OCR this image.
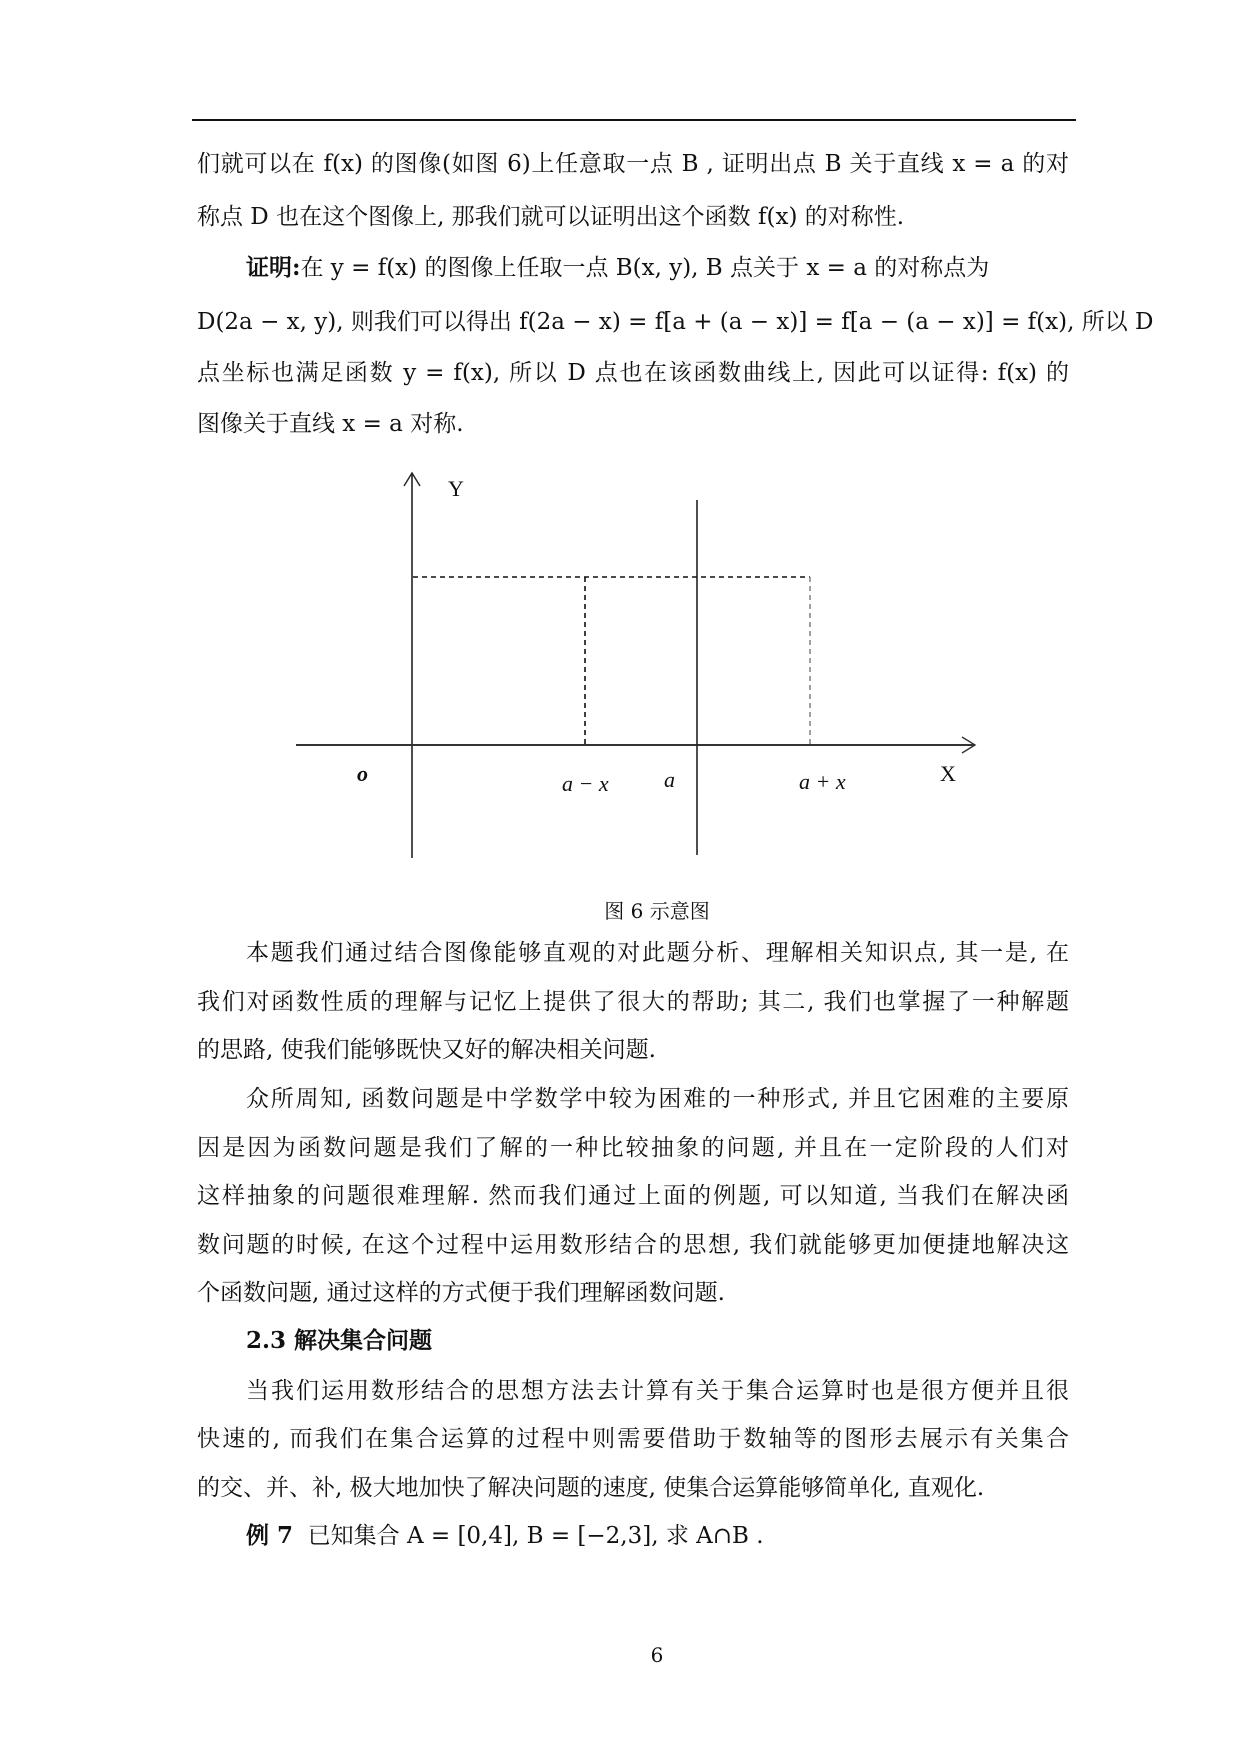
们就可以在 f(x) 的图像(如图 6)上任意取一点 B , 证明出点 B 关于直线 x = a 的对
称点 D 也在这个图像上, 那我们就可以证明出这个函数 f(x) 的对称性.
证明:在 y = f(x) 的图像上任取一点 B(x, y), B 点关于 x = a 的对称点为
D(2a − x, y), 则我们可以得出 f(2a − x) = f[a + (a − x)] = f[a − (a − x)] = f(x), 所以 D
点坐标也满足函数 y = f(x), 所以 D 点也在该函数曲线上, 因此可以证得: f(x) 的
图像关于直线 x = a 对称.
Y
X
o	a − x	a	a + x
图 6 示意图
本题我们通过结合图像能够直观的对此题分析、理解相关知识点, 其一是, 在
我们对函数性质的理解与记忆上提供了很大的帮助; 其二, 我们也掌握了一种解题
的思路, 使我们能够既快又好的解决相关问题.
众所周知, 函数问题是中学数学中较为困难的一种形式, 并且它困难的主要原
因是因为函数问题是我们了解的一种比较抽象的问题, 并且在一定阶段的人们对
这样抽象的问题很难理解. 然而我们通过上面的例题, 可以知道, 当我们在解决函
数问题的时候, 在这个过程中运用数形结合的思想, 我们就能够更加便捷地解决这
个函数问题, 通过这样的方式便于我们理解函数问题.
2.3 解决集合问题
当我们运用数形结合的思想方法去计算有关于集合运算时也是很方便并且很
快速的, 而我们在集合运算的过程中则需要借助于数轴等的图形去展示有关集合
的交、并、补, 极大地加快了解决问题的速度, 使集合运算能够简单化, 直观化.
例 7 已知集合 A = [0,4], B = [−2,3], 求 A∩B .
6
